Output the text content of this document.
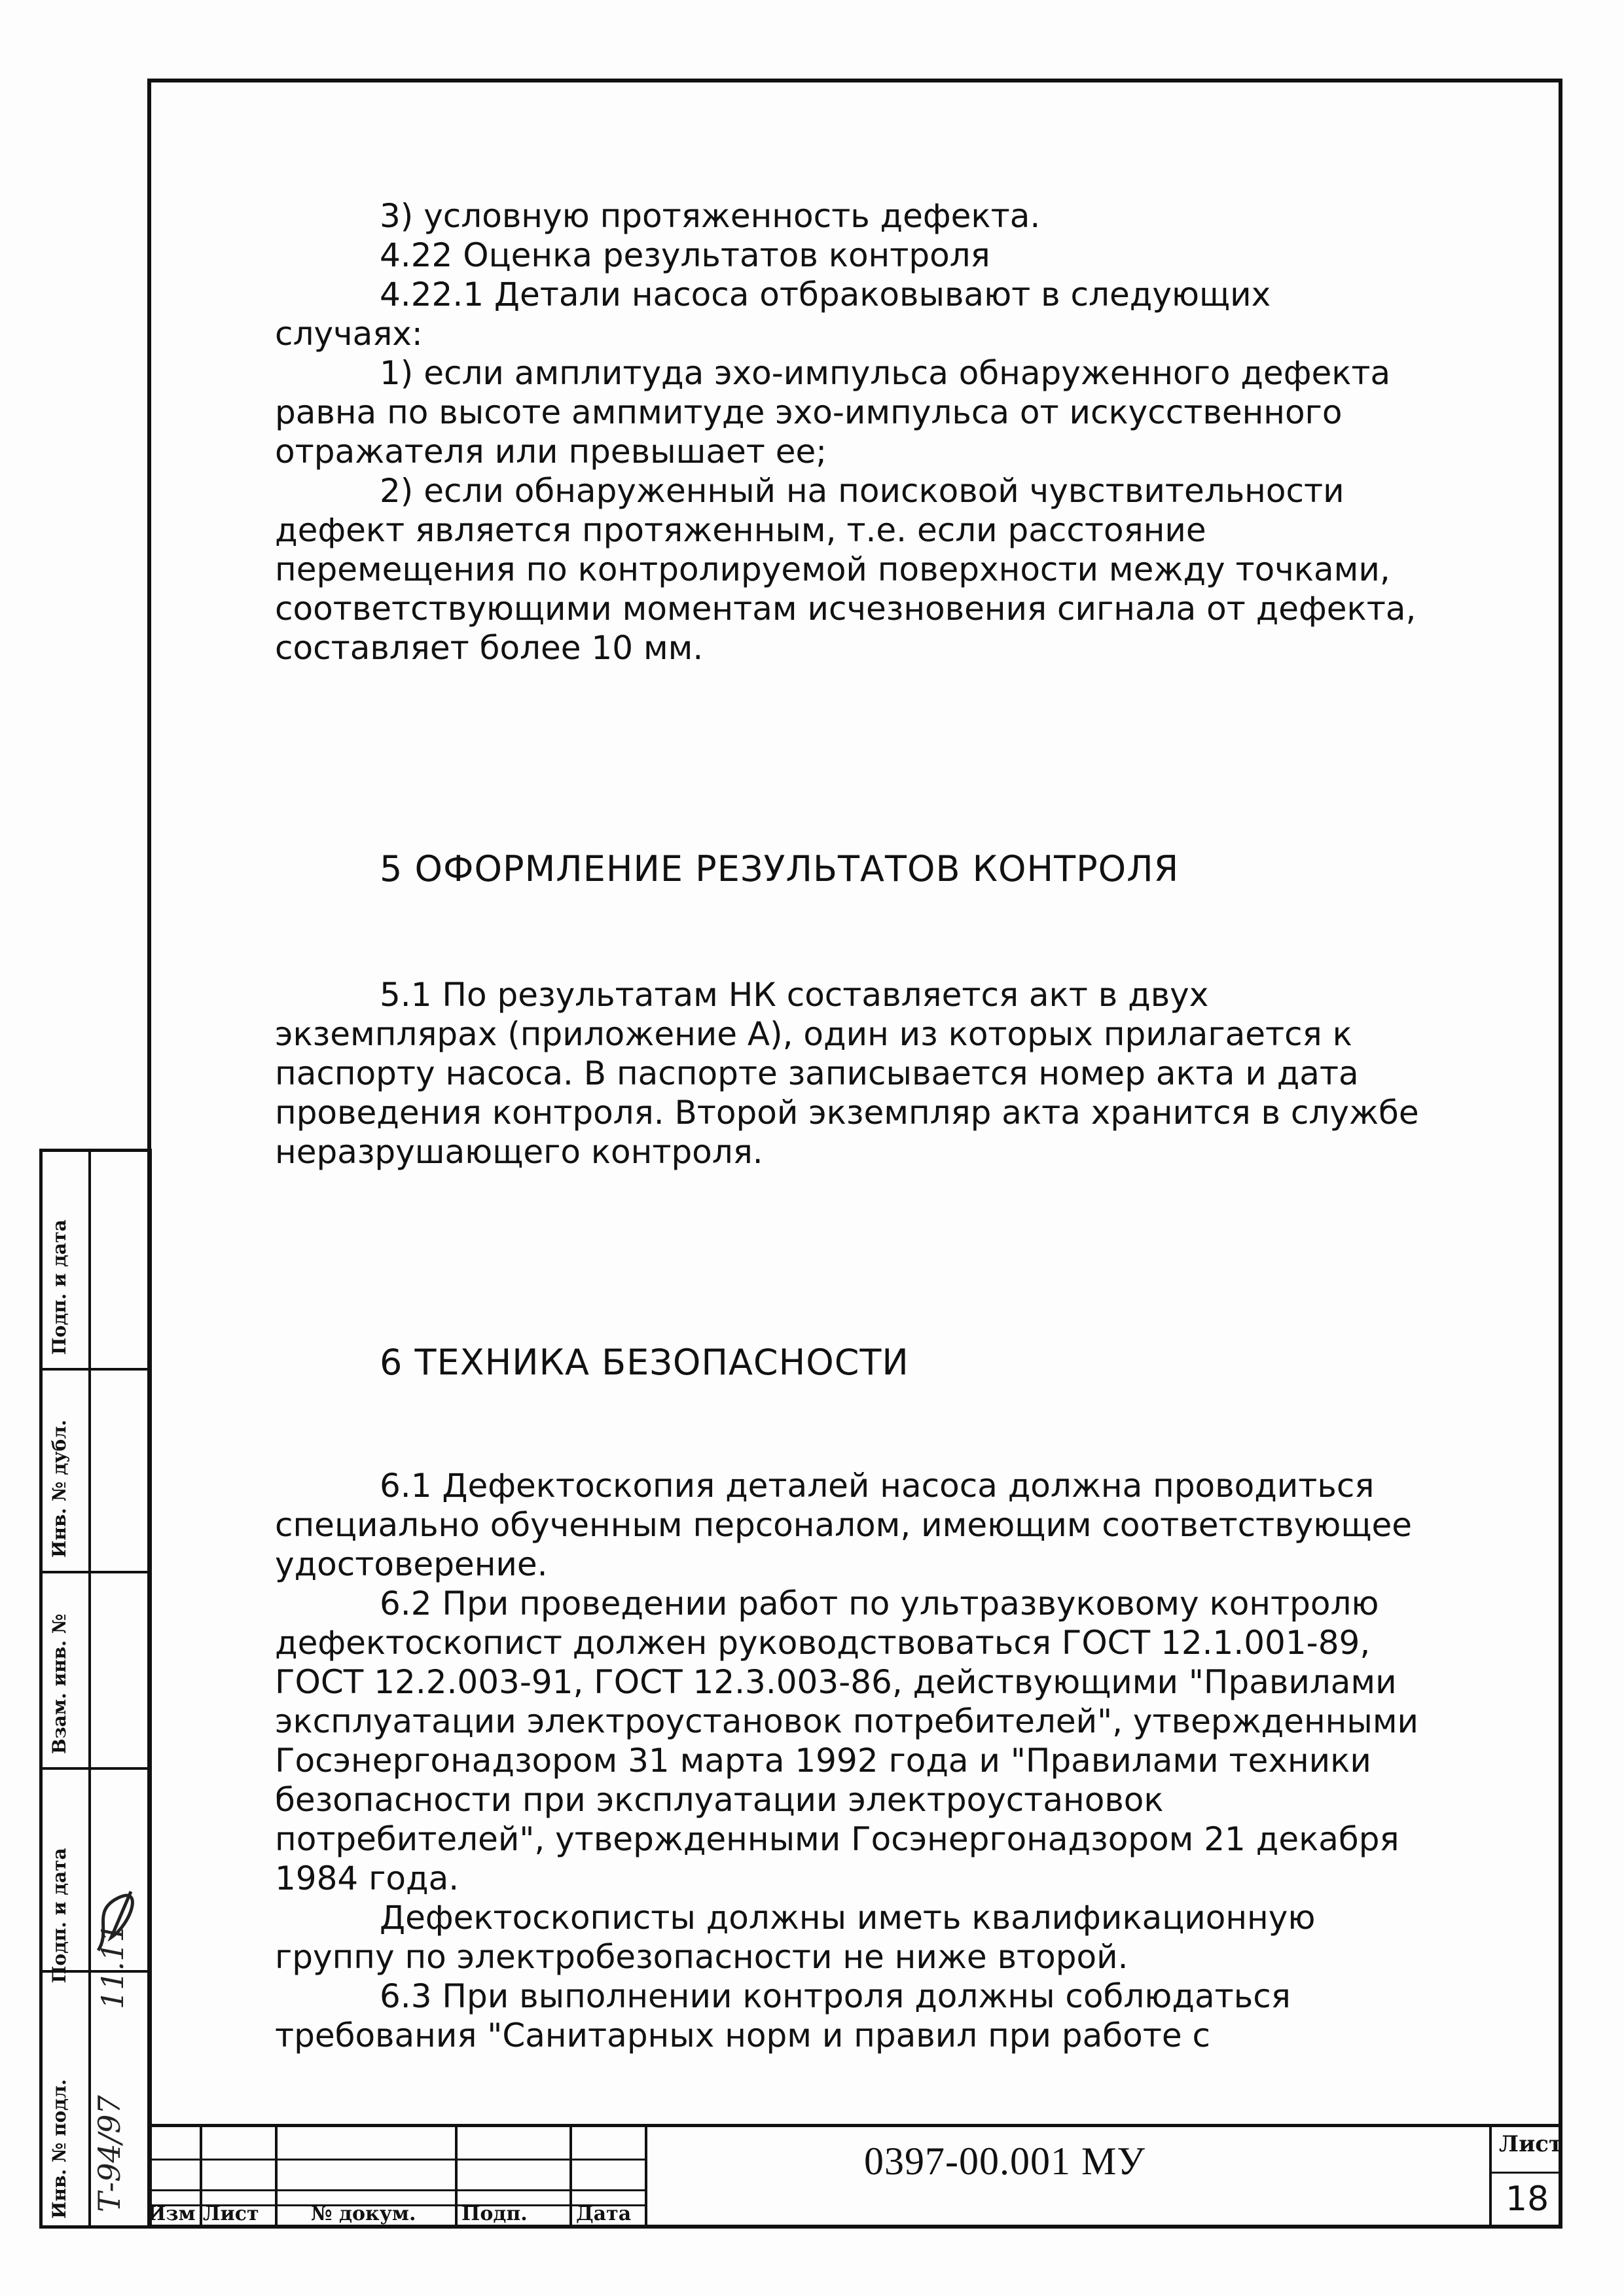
3) условную протяженность дефекта.

4.22 Оценка результатов контроля

4.22.1 Детали насоса отбраковывают в следующих случаях:

1) если амплитуда эхо-импульса обнаруженного дефекта равна по высоте ампмитуде эхо-импульса от искусственного отражателя или превышает ее;

2) если обнаруженный на поисковой чувствительности дефект является протяженным, т.е. если расстояние перемещения по контролируемой поверхности между точками, соответствующими моментам исчезновения сигнала от дефекта, составляет более 10 мм.

5 ОФОРМЛЕНИЕ РЕЗУЛЬТАТОВ КОНТРОЛЯ

5.1 По результатам НК составляется акт в двух экземплярах (приложение А), один из которых прилагается к паспорту насоса. В паспорте записывается номер акта и дата проведения контроля. Второй экземпляр акта хранится в службе неразрушающего контроля.

6 ТЕХНИКА БЕЗОПАСНОСТИ

6.1 Дефектоскопия деталей насоса должна проводиться специально обученным персоналом, имеющим соответствующее удостоверение.

6.2 При проведении работ по ультразвуковому контролю дефектоскопист должен руководствоваться ГОСТ 12.1.001-89, ГОСТ 12.2.003-91, ГОСТ 12.3.003-86, действующими "Правилами эксплуатации электроустановок потребителей", утвержденными Госэнергонадзором 31 марта 1992 года и "Правилами техники безопасности при эксплуатации электроустановок потребителей", утвержденными Госэнергонадзором 21 декабря 1984 года.

Дефектоскописты должны иметь квалификационную группу по электробезопасности не ниже второй.

6.3 При выполнении контроля должны соблюдаться требования "Санитарных норм и правил при работе с

Инв. № подл.
Подп. и дата
Взам. инв. №
Инв. № дубл.
Подп. и дата
Т-94/97
11.11
Изм Лист	№ докум. Подп. Дата
0397-00.001 МУ	Лист
18
